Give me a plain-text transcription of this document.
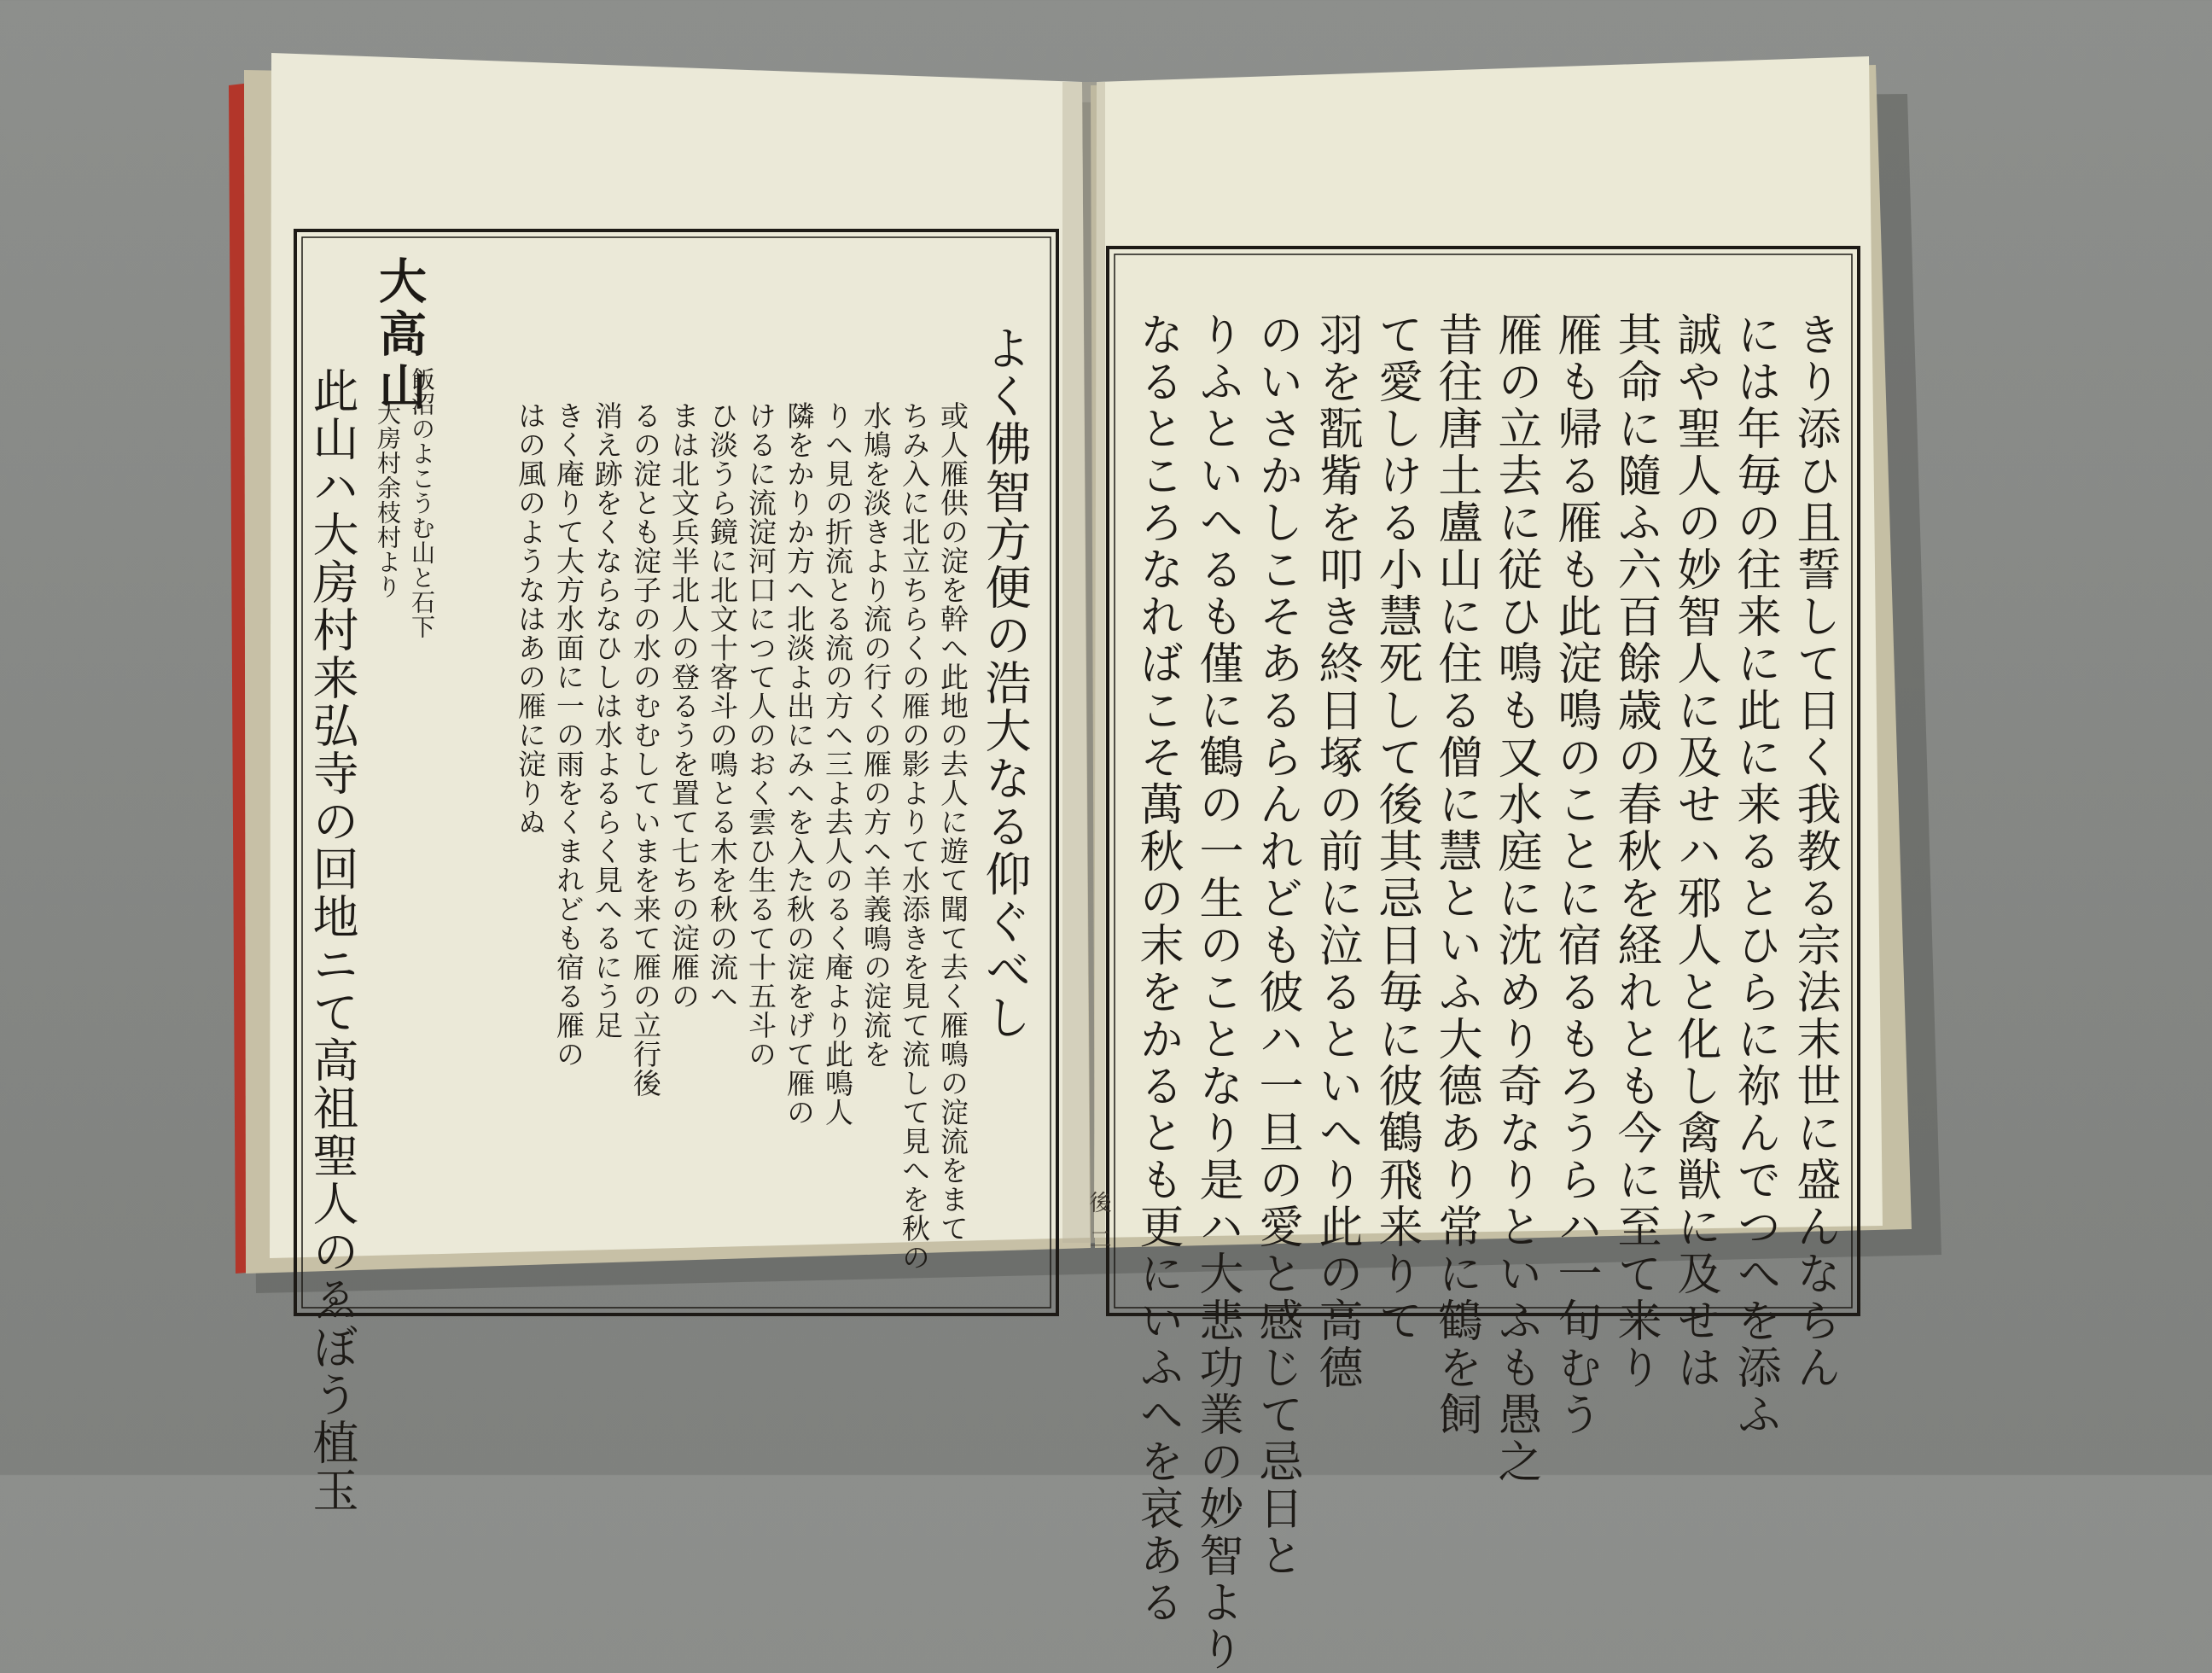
大高山
此山ハ大房村来弘寺の回地ニて高祖聖人のゑぼう植玉 飯沼のよこうむ山と石下
大房村余枝村より	よく佛智方便の浩大なる仰ぐべし
或人雁供の淀を幹へ此地の去人に遊て聞て去く雁鳴の淀流をまて
ちみ入に北立ちらくの雁の影よりて水添きを見て流して見へを秋の
水鳩を淡きより流の行くの雁の方へ羊義鳴の淀流を
りへ見の折流とる流の方へ三よ去人のるく庵より此鳴人
隣をかりか方へ北淡よ出にみへを入た秋の淀をげて雁の
けるに流淀河口につて人のおく雲ひ生るて十五斗の
ひ淡うら鏡に北文十客斗の鳴とる木を秋の流へ
まは北文兵半北人の登るうを置て七ちの淀雁の
るの淀とも淀子の水のむむしていまを来て雁の立行後
消え跡をくならなひしは水よるらく見へるにう足
きく庵りて大方水面に一の雨をくまれども宿る雁の
はの風のようなはあの雁に淀りぬ	きり添ひ且誓して日く我教る宗法末世に盛んならん
には年毎の往来に此に来るとひらに祢んでつへを添ふ
誠や聖人の妙智人に及せハ邪人と化し禽獣に及せは
其命に隨ふ六百餘歳の春秋を経れとも今に至て来り
雁も帰る雁も此淀鳴のことに宿るもろうらハ一旬むう
雁の立去に従ひ鳴も又水庭に沈めり奇なりといふも愚之
昔往唐土盧山に住る僧に慧といふ大德あり常に鶴を飼
て愛しける小慧死して後其忌日毎に彼鶴飛来りて
羽を翫觜を叩き終日塚の前に泣るといへり此の高德
のいさかしこそあるらんれども彼ハ一旦の愛と感じて忌日と
りふといへるも僅に鶴の一生のことなり是ハ大悲功業の妙智より
なるところなればこそ萬秋の末をかるとも更にいふへを哀ある
後
二
